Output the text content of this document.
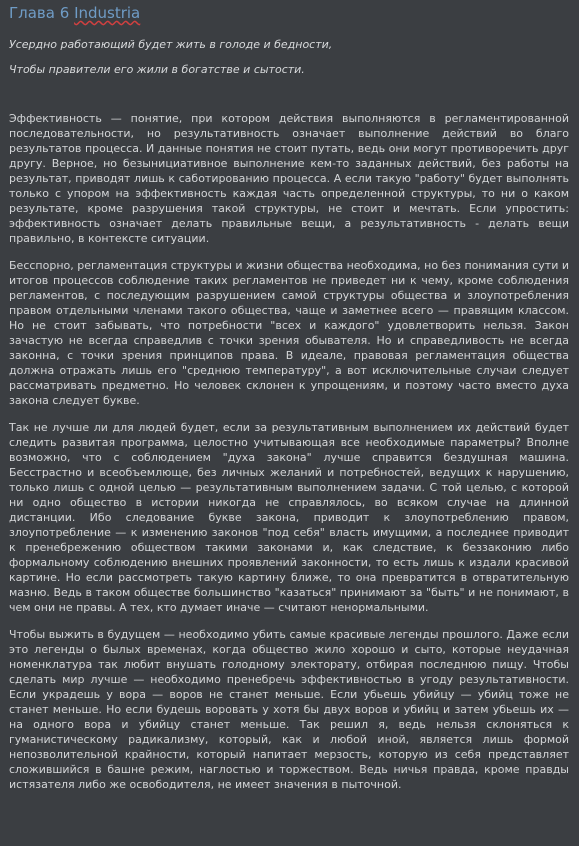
Глава 6 Industria

Усердно работающий будет жить в голоде и бедности,

Чтобы правители его жили в богатстве и сытости.

Эффективность — понятие, при котором действия выполняются в регламентированной последовательности, но результативность означает выполнение действий во благо результатов процесса. И данные понятия не стоит путать, ведь они могут противоречить друг другу. Верное, но безынициативное выполнение кем-то заданных действий, без работы на результат, приводят лишь к саботированию процесса. А если такую "работу" будет выполнять только с упором на эффективность каждая часть определенной структуры, то ни о каком результате, кроме разрушения такой структуры, не стоит и мечтать. Если упростить: эффективность означает делать правильные вещи, а результативность - делать вещи правильно, в контексте ситуации.

Бесспорно, регламентация структуры и жизни общества необходима, но без понимания сути и итогов процессов соблюдение таких регламентов не приведет ни к чему, кроме соблюдения регламентов, с последующим разрушением самой структуры общества и злоупотребления правом отдельными членами такого общества, чаще и заметнее всего — правящим классом. Но не стоит забывать, что потребности "всех и каждого" удовлетворить нельзя. Закон зачастую не всегда справедлив с точки зрения обывателя. Но и справедливость не всегда законна, с точки зрения принципов права. В идеале, правовая регламентация общества должна отражать лишь его "среднюю температуру", а вот исключительные случаи следует рассматривать предметно. Но человек склонен к упрощениям, и поэтому часто вместо духа закона следует букве.

Так не лучше ли для людей будет, если за результативным выполнением их действий будет следить развитая программа, целостно учитывающая все необходимые параметры? Вполне возможно, что с соблюдением "духа закона" лучше справится бездушная машина. Бесстрастно и всеобъемлюще, без личных желаний и потребностей, ведущих к нарушению, только лишь с одной целью — результативным выполнением задачи. С той целью, с которой ни одно общество в истории никогда не справлялось, во всяком случае на длинной дистанции. Ибо следование букве закона, приводит к злоупотреблению правом, злоупотребление — к изменению законов "под себя" власть имущими, а последнее приводит к пренебрежению обществом такими законами и, как следствие, к беззаконию либо формальному соблюдению внешних проявлений законности, то есть лишь к издали красивой картине. Но если рассмотреть такую картину ближе, то она превратится в отвратительную мазню. Ведь в таком обществе большинство "казаться" принимают за "быть" и не понимают, в чем они не правы. А тех, кто думает иначе — считают ненормальными.

Чтобы выжить в будущем — необходимо убить самые красивые легенды прошлого. Даже если это легенды о былых временах, когда общество жило хорошо и сыто, которые неудачная номенклатура так любит внушать голодному электорату, отбирая последнюю пищу. Чтобы сделать мир лучше — необходимо пренебречь эффективностью в угоду результативности. Если украдешь у вора — воров не станет меньше. Если убьешь убийцу — убийц тоже не станет меньше. Но если будешь воровать у хотя бы двух воров и убийц и затем убьешь их — на одного вора и убийцу станет меньше. Так решил я, ведь нельзя склоняться к гуманистическому радикализму, который, как и любой иной, является лишь формой непозволительной крайности, который напитает мерзость, которую из себя представляет сложившийся в башне режим, наглостью и торжеством. Ведь ничья правда, кроме правды истязателя либо же освободителя, не имеет значения в пыточной.
